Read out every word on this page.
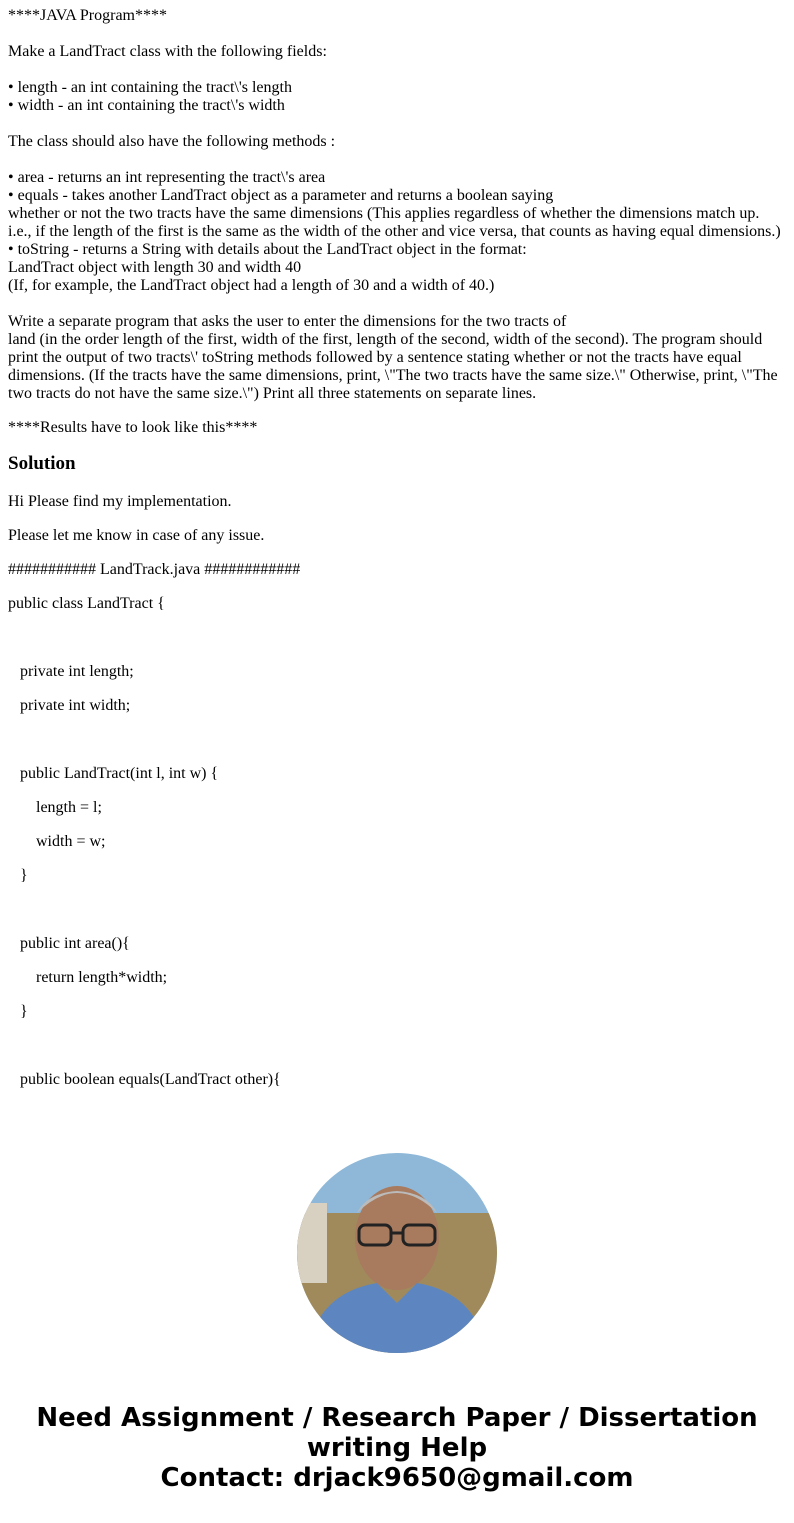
****JAVA Program****
Make a LandTract class with the following fields:
• length - an int containing the tract\'s length
• width - an int containing the tract\'s width
The class should also have the following methods :
• area - returns an int representing the tract\'s area
• equals - takes another LandTract object as a parameter and returns a boolean saying
whether or not the two tracts have the same dimensions (This applies regardless of whether the dimensions match up.
i.e., if the length of the first is the same as the width of the other and vice versa, that counts as having equal dimensions.)
• toString - returns a String with details about the LandTract object in the format:
LandTract object with length 30 and width 40
(If, for example, the LandTract object had a length of 30 and a width of 40.)
Write a separate program that asks the user to enter the dimensions for the two tracts of
land (in the order length of the first, width of the first, length of the second, width of the second). The program should print the output of two tracts\' toString methods followed by a sentence stating whether or not the tracts have equal dimensions. (If the tracts have the same dimensions, print, \"The two tracts have the same size.\" Otherwise, print, \"The two tracts do not have the same size.\") Print all three statements on separate lines.

****Results have to look like this****

Solution

Hi Please find my implementation.

Please let me know in case of any issue.

########### LandTrack.java ############

public class LandTract {

private int length;

private int width;

public LandTract(int l, int w) {

length = l;

width = w;

}

public int area(){

return length*width;

}

public boolean equals(LandTract other){

Need Assignment / Research Paper / Dissertation
writing Help
Contact: drjack9650@gmail.com
